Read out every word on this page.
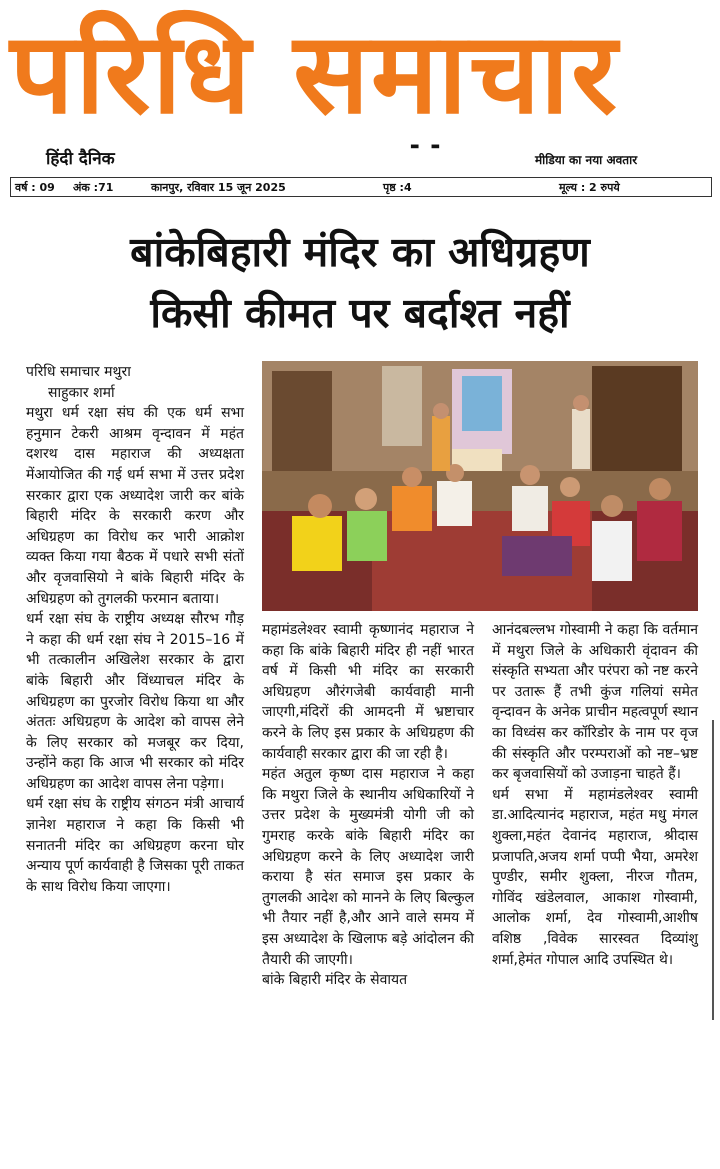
परिधि समाचार
▬ ▬
हिंदी दैनिक	मीडिया का नया अवतार
वर्ष : 09 अंक :71	कानपुर, रविवार 15 जून 2025	पृष्ठ :4	मूल्य : 2 रुपये
बांकेबिहारी मंदिर का अधिग्रहण
किसी कीमत पर बर्दाश्त नहीं
परिधि समाचार मथुरा
साहुकार शर्मा

मथुरा धर्म रक्षा संघ की एक धर्म सभा हनुमान टेकरी आश्रम वृन्दावन में महंत दशरथ दास महाराज की अध्यक्षता मेंआयोजित की गई धर्म सभा में उत्तर प्रदेश सरकार द्वारा एक अध्यादेश जारी कर बांके बिहारी मंदिर के सरकारी करण और अधिग्रहण का विरोध कर भारी आक्रोश व्यक्त किया गया बैठक में पधारे सभी संतों और वृजवासियो ने बांके बिहारी मंदिर के अधिग्रहण को तुगलकी फरमान बताया।

धर्म रक्षा संघ के राष्ट्रीय अध्यक्ष सौरभ गौड़ ने कहा की धर्म रक्षा संघ ने 2015–16 में भी तत्कालीन अखिलेश सरकार के द्वारा बांके बिहारी और विंध्याचल मंदिर के अधिग्रहण का पुरजोर विरोध किया था और अंततः अधिग्रहण के आदेश को वापस लेने के लिए सरकार को मजबूर कर दिया, उन्होंने कहा कि आज भी सरकार को मंदिर अधिग्रहण का आदेश वापस लेना पड़ेगा।

धर्म रक्षा संघ के राष्ट्रीय संगठन मंत्री आचार्य ज्ञानेश महाराज ने कहा कि किसी भी सनातनी मंदिर का अधिग्रहण करना घोर अन्याय पूर्ण कार्यवाही है जिसका पूरी ताकत के साथ विरोध किया जाएगा।

महामंडलेश्वर स्वामी कृष्णानंद महाराज ने कहा कि बांके बिहारी मंदिर ही नहीं भारत वर्ष में किसी भी मंदिर का सरकारी अधिग्रहण औरंगजेबी कार्यवाही मानी जाएगी,मंदिरों की आमदनी में भ्रष्टाचार करने के लिए इस प्रकार के अधिग्रहण की कार्यवाही सरकार द्वारा की जा रही है।

महंत अतुल कृष्ण दास महाराज ने कहा कि मथुरा जिले के स्थानीय अधिकारियों ने उत्तर प्रदेश के मुख्यमंत्री योगी जी को गुमराह करके बांके बिहारी मंदिर का अधिग्रहण करने के लिए अध्यादेश जारी कराया है संत समाज इस प्रकार के तुगलकी आदेश को मानने के लिए बिल्कुल भी तैयार नहीं है,और आने वाले समय में इस अध्यादेश के खिलाफ बड़े आंदोलन की तैयारी की जाएगी।

बांके बिहारी मंदिर के सेवायत

आनंदबल्लभ गोस्वामी ने कहा कि वर्तमान में मथुरा जिले के अधिकारी वृंदावन की संस्कृति सभ्यता और परंपरा को नष्ट करने पर उतारू हैं तभी कुंज गलियां समेत वृन्दावन के अनेक प्राचीन महत्वपूर्ण स्थान का विध्वंस कर कॉरिडोर के नाम पर वृज की संस्कृति और परम्पराओं को नष्ट–भ्रष्ट कर बृजवासियों को उजाड़ना चाहते हैं।

धर्म सभा में महामंडलेश्वर स्वामी डा.आदित्यानंद महाराज, महंत मधु मंगल शुक्ला,महंत देवानंद महाराज, श्रीदास प्रजापति,अजय शर्मा पप्पी भैया, अमरेश पुण्डीर, समीर शुक्ला, नीरज गौतम, गोविंद खंडेलवाल, आकाश गोस्वामी, आलोक शर्मा, देव गोस्वामी,आशीष वशिष्ठ ,विवेक सारस्वत दिव्यांशु शर्मा,हेमंत गोपाल आदि उपस्थित थे।
